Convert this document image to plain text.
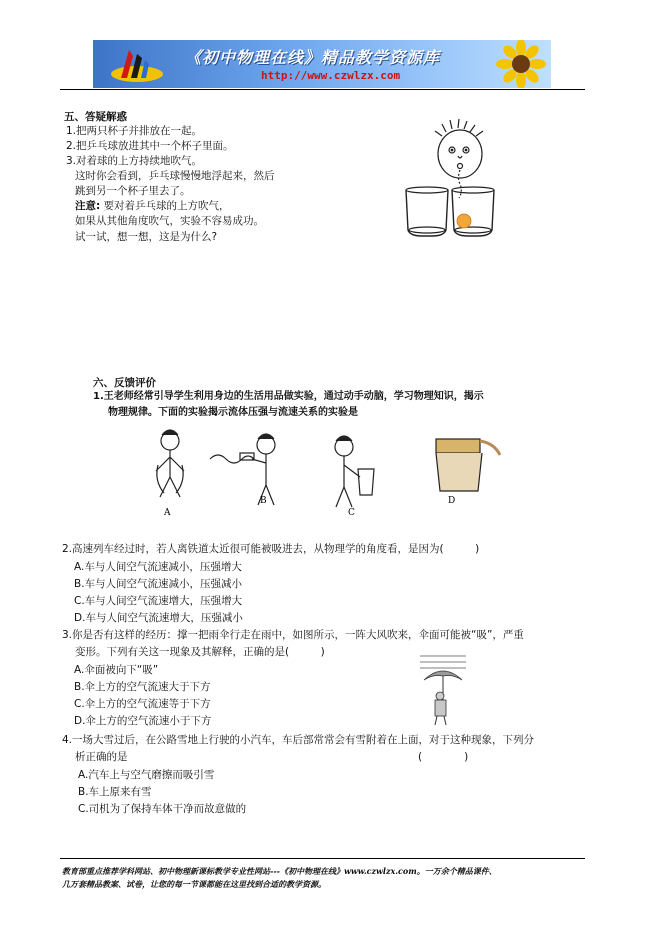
《初中物理在线》精品教学资源库
http://www.czwlzx.com
五、答疑解惑
1.把两只杯子并排放在一起。
2.把乒乓球放进其中一个杯子里面。
3.对着球的上方持续地吹气。
这时你会看到，乒乓球慢慢地浮起来，然后
跳到另一个杯子里去了。
注意: 要对着乒乓球的上方吹气，
如果从其他角度吹气，实验不容易成功。
试一试，想一想，这是为什么?
六、反馈评价
1.王老师经常引导学生利用身边的生活用品做实验，通过动手动脑，学习物理知识，揭示
物理规律。下面的实验揭示流体压强与流速关系的实验是
A
B
C
D
2.高速列车经过时，若人离铁道太近很可能被吸进去，从物理学的角度看，是因为(　　　)
A.车与人间空气流速减小，压强增大
B.车与人间空气流速减小，压强减小
C.车与人间空气流速增大，压强增大
D.车与人间空气流速增大，压强减小
3.你是否有这样的经历：撑一把雨伞行走在雨中，如图所示，一阵大风吹来，伞面可能被“吸”，严重
变形。下列有关这一现象及其解释，正确的是(　　　)
A.伞面被向下“吸”
B.伞上方的空气流速大于下方
C.伞上方的空气流速等于下方
D.伞上方的空气流速小于下方
4.一场大雪过后，在公路雪地上行驶的小汽车，车后部常常会有雪附着在上面，对于这种现象，下列分
析正确的是	(　　　　)
A.汽车上与空气磨擦而吸引雪
B.车上原来有雪
C.司机为了保持车体干净而故意做的
教育部重点推荐学科网站、初中物理新课标教学专业性网站---《初中物理在线》www.czwlzx.com。一万余个精品课件、
几万套精品教案、试卷，让您的每一节课都能在这里找到合适的教学资源。
